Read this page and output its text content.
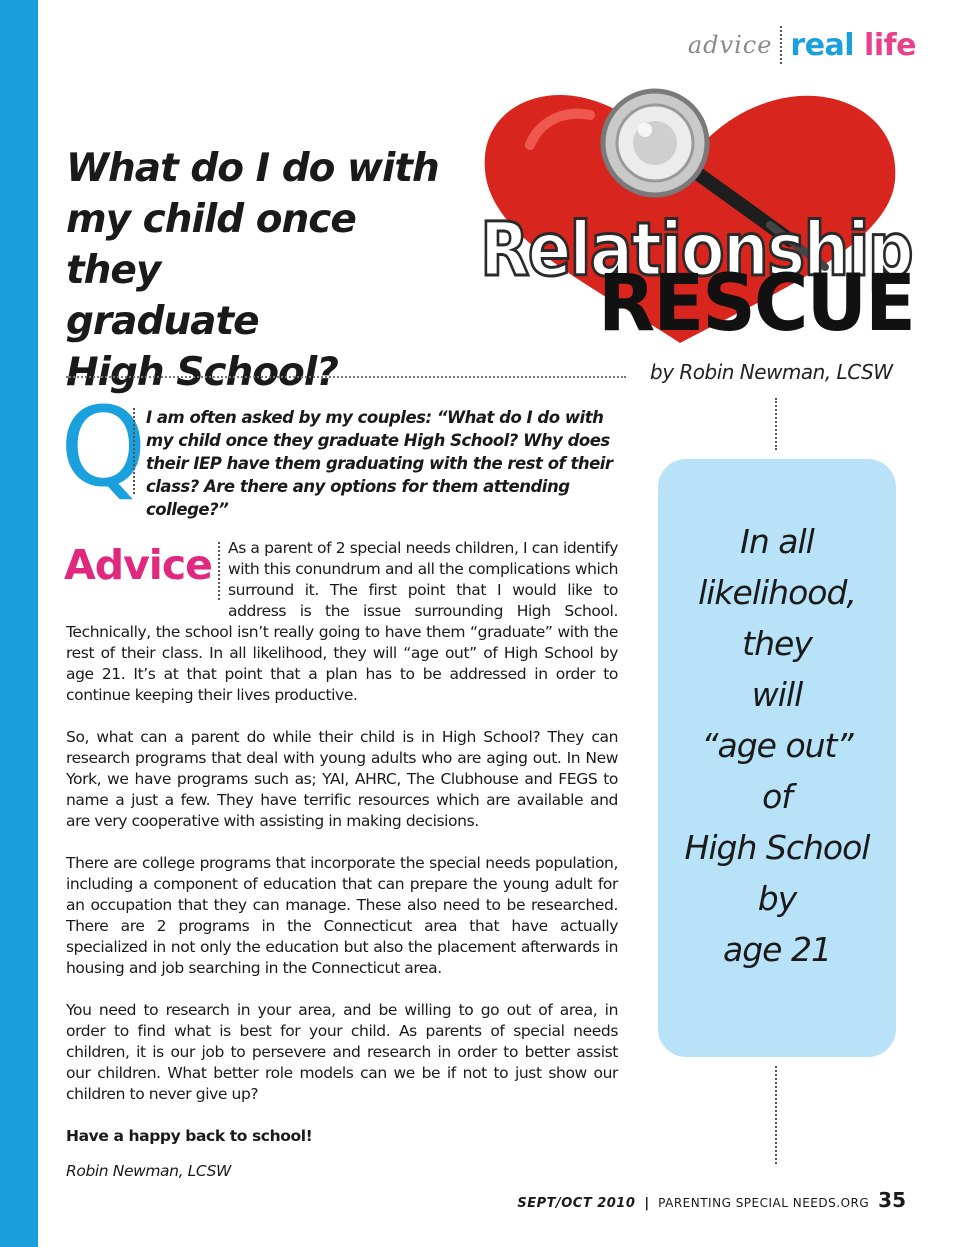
advice real life
What do I do with
my child once they
graduate
High School?
Relationship
RESCUE
by Robin Newman, LCSW
Q I am often asked by my couples: “What do I do with my child once they graduate High School? Why does their IEP have them graduating with the rest of their class? Are there any options for them attending college?”

Advice	As a parent of 2 special needs children, I can identify with this conundrum and all the complications which surround it. The first point that I would like to address is the issue surrounding High School. Technically, the school isn’t really going to have them “graduate” with the rest of their class. In all likelihood, they will “age out” of High School by age 21. It’s at that point that a plan has to be addressed in order to continue keeping their lives productive.

So, what can a parent do while their child is in High School? They can research programs that deal with young adults who are aging out. In New York, we have programs such as; YAI, AHRC, The Clubhouse and FEGS to name a just a few. They have terrific resources which are available and are very cooperative with assisting in making decisions.

There are college programs that incorporate the special needs population, including a component of education that can prepare the young adult for an occupation that they can manage. These also need to be researched. There are 2 programs in the Connecticut area that have actually specialized in not only the education but also the placement afterwards in housing and job searching in the Connecticut area.

You need to research in your area, and be willing to go out of area, in order to find what is best for your child. As parents of special needs children, it is our job to persevere and research in order to better assist our children. What better role models can we be if not to just show our children to never give up?

Have a happy back to school!

Robin Newman, LCSW

In all
likelihood,
they
will
“age out”
of
High School
by
age 21
SEPT/OCT 2010 | PARENTING SPECIAL NEEDS.ORG 35
